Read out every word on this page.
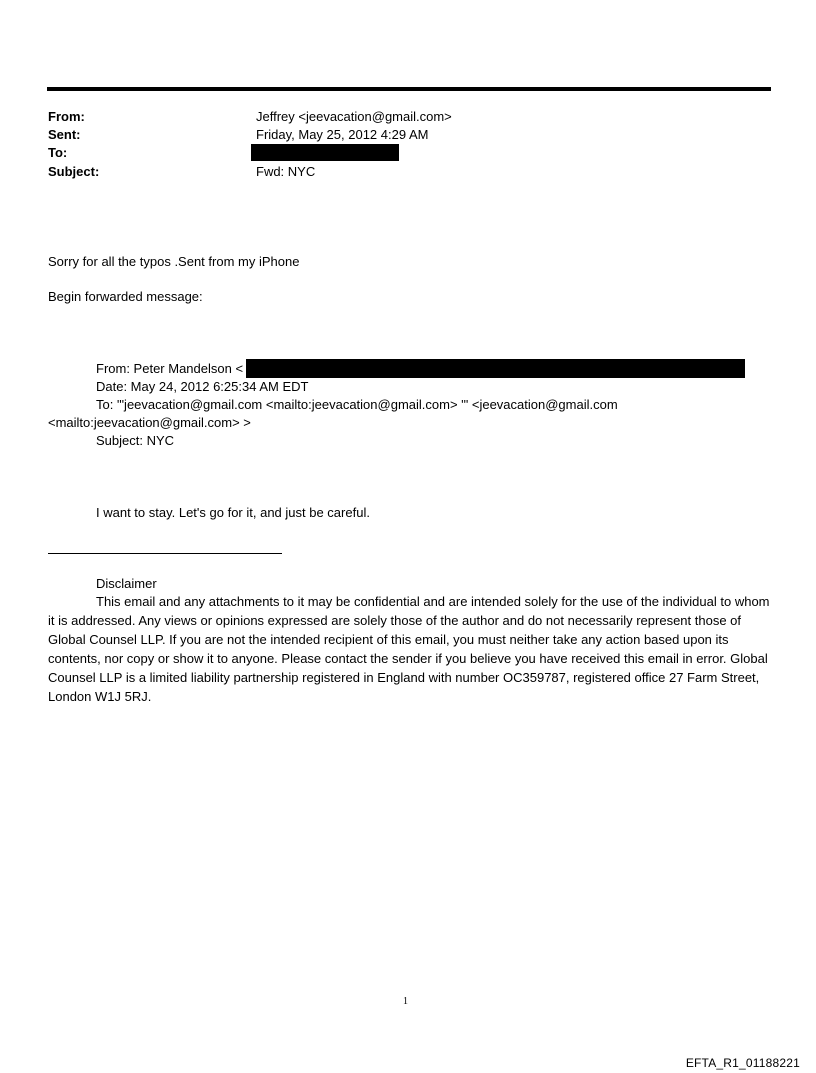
From:	Jeffrey <jeevacation@gmail.com>
Sent:	Friday, May 25, 2012 4:29 AM
To:
Subject:	Fwd: NYC
Sorry for all the typos .Sent from my iPhone
Begin forwarded message:
From: Peter Mandelson <
Date: May 24, 2012 6:25:34 AM EDT
To: "'jeevacation@gmail.com <mailto:jeevacation@gmail.com> '" <jeevacation@gmail.com
<mailto:jeevacation@gmail.com> >
Subject: NYC
I want to stay. Let's go for it, and just be careful.
Disclaimer
This email and any attachments to it may be confidential and are intended solely for the use of the individual to whom it is addressed. Any views or opinions expressed are solely those of the author and do not necessarily represent those of Global Counsel LLP. If you are not the intended recipient of this email, you must neither take any action based upon its contents, nor copy or show it to anyone. Please contact the sender if you believe you have received this email in error. Global Counsel LLP is a limited liability partnership registered in England with number OC359787, registered office 27 Farm Street, London W1J 5RJ.
1
EFTA_R1_01188221
